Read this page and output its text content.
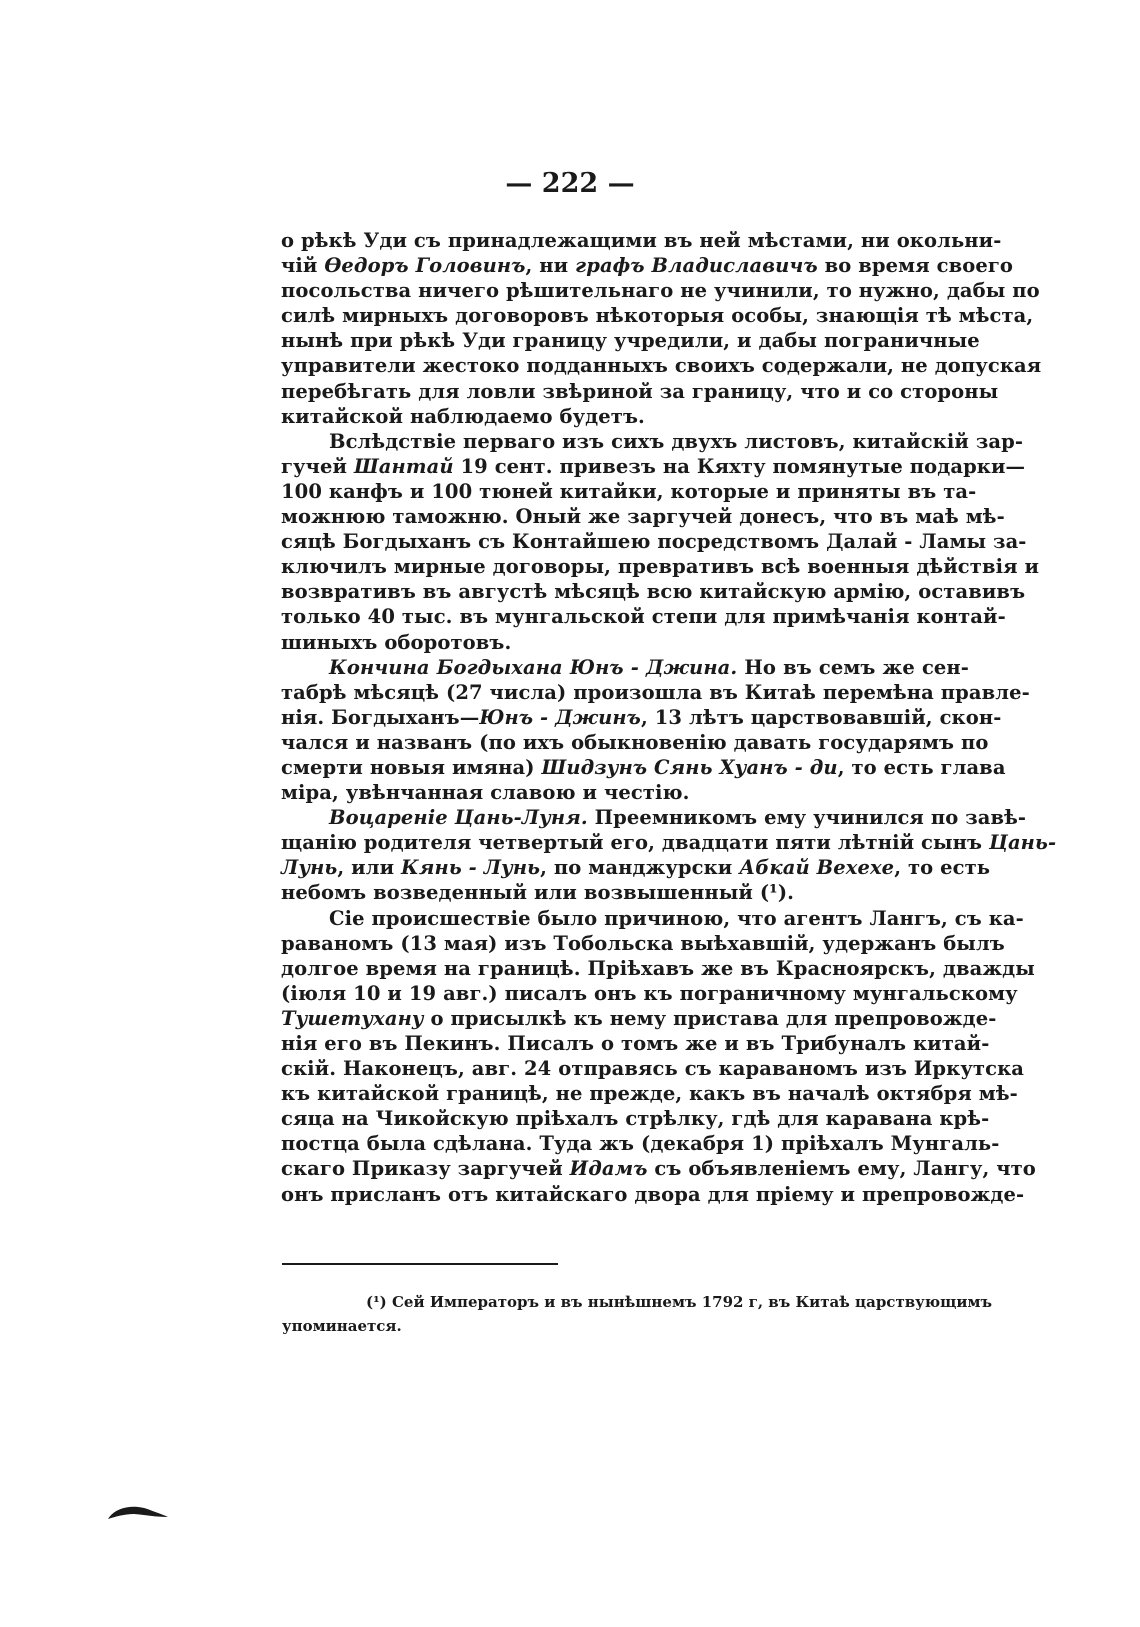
— 222 —
о рѣкѣ Уди съ принадлежащими въ ней мѣстами, ни окольни-
чій Ѳедоръ Головинъ, ни графъ Владиславичъ во время своего
посольства ничего рѣшительнаго не учинили, то нужно, дабы по
силѣ мирныхъ договоровъ нѣкоторыя особы, знающія тѣ мѣста,
нынѣ при рѣкѣ Уди границу учредили, и дабы пограничные
управители жестоко подданныхъ своихъ содержали, не допуская
перебѣгать для ловли звѣриной за границу, что и со стороны
китайской наблюдаемо будетъ.
Вслѣдствіе перваго изъ сихъ двухъ листовъ, китайскій зар-
гучей Шантай 19 сент. привезъ на Кяхту помянутые подарки—
100 канфъ и 100 тюней китайки, которые и приняты въ та-
можнюю таможню. Оный же заргучей донесъ, что въ маѣ мѣ-
сяцѣ Богдыханъ съ Контайшею посредствомъ Далай - Ламы за-
ключилъ мирные договоры, превративъ всѣ военныя дѣйствія и
возвративъ въ августѣ мѣсяцѣ всю китайскую армію, оставивъ
только 40 тыс. въ мунгальской степи для примѣчанія контай-
шиныхъ оборотовъ.
Кончина Богдыхана Юнъ - Джина. Но въ семъ же сен-
табрѣ мѣсяцѣ (27 числа) произошла въ Китаѣ перемѣна правле-
нія. Богдыханъ—Юнъ - Джинъ, 13 лѣтъ царствовавшій, скон-
чался и названъ (по ихъ обыкновенію давать государямъ по
смерти новыя имяна) Шидзунъ Сянь Хуанъ - ди, то есть глава
міра, увѣнчанная славою и честію.
Воцареніе Цань-Луня. Преемникомъ ему учинился по завѣ-
щанію родителя четвертый его, двадцати пяти лѣтній сынъ Цань-
Лунь, или Кянь - Лунь, по манджурски Абкай Вехехе, то есть
небомъ возведенный или возвышенный (¹).
Сіе происшествіе было причиною, что агентъ Лангъ, съ ка-
раваномъ (13 мая) изъ Тобольска выѣхавшій, удержанъ былъ
долгое время на границѣ. Пріѣхавъ же въ Красноярскъ, дважды
(іюля 10 и 19 авг.) писалъ онъ къ пограничному мунгальскому
Тушетухану о присылкѣ къ нему пристава для препровожде-
нія его въ Пекинъ. Писалъ о томъ же и въ Трибуналъ китай-
скій. Наконецъ, авг. 24 отправясь съ караваномъ изъ Иркутска
къ китайской границѣ, не прежде, какъ въ началѣ октября мѣ-
сяца на Чикойскую пріѣхалъ стрѣлку, гдѣ для каравана крѣ-
постца была сдѣлана. Туда жъ (декабря 1) пріѣхалъ Мунгаль-
скаго Приказу заргучей Идамъ съ объявленіемъ ему, Лангу, что
онъ присланъ отъ китайскаго двора для пріему и препровожде-
(¹) Сей Императоръ и въ нынѣшнемъ 1792 г, въ Китаѣ царствующимъ
упоминается.
